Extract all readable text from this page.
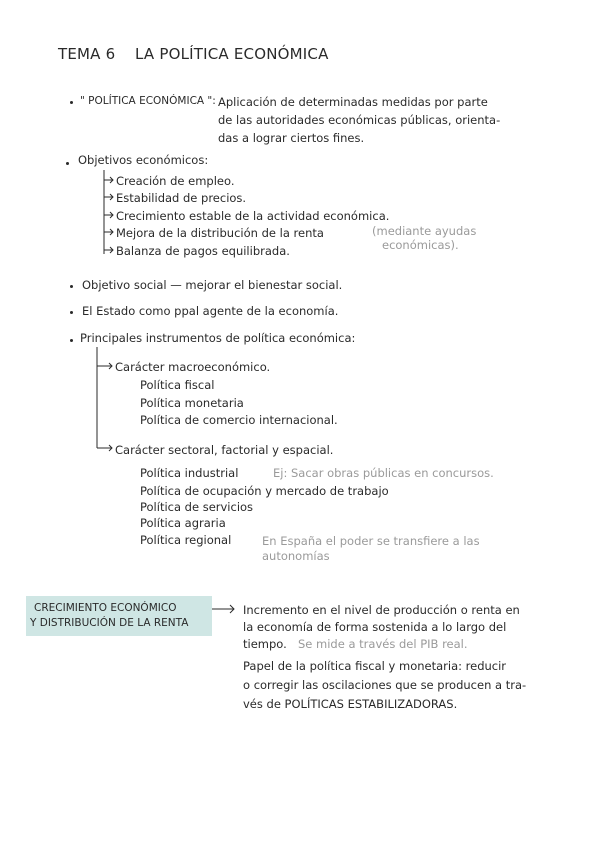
TEMA 6 LA POLÍTICA ECONÓMICA
" POLÍTICA ECONÓMICA ": Aplicación de determinadas medidas por parte
de las autoridades económicas públicas, orienta-
das a lograr ciertos fines.
Objetivos económicos:
Creación de empleo.
Estabilidad de precios.
Crecimiento estable de la actividad económica.
Mejora de la distribución de la renta
Balanza de pagos equilibrada.
(mediante ayudas
económicas).
Objetivo social — mejorar el bienestar social.
El Estado como ppal agente de la economía.
Principales instrumentos de política económica:
Carácter macroeconómico.
Política fiscal
Política monetaria
Política de comercio internacional.
Carácter sectoral, factorial y espacial.
Política industrial	Ej: Sacar obras públicas en concursos.
Política de ocupación y mercado de trabajo
Política de servicios
Política agraria
Política regional	En España el poder se transfiere a las
autonomías
CRECIMIENTO ECONÓMICO
Y DISTRIBUCIÓN DE LA RENTA
Incremento en el nivel de producción o renta en
la economía de forma sostenida a lo largo del
tiempo. Se mide a través del PIB real.
Papel de la política fiscal y monetaria: reducir
o corregir las oscilaciones que se producen a tra-
vés de POLÍTICAS ESTABILIZADORAS.
